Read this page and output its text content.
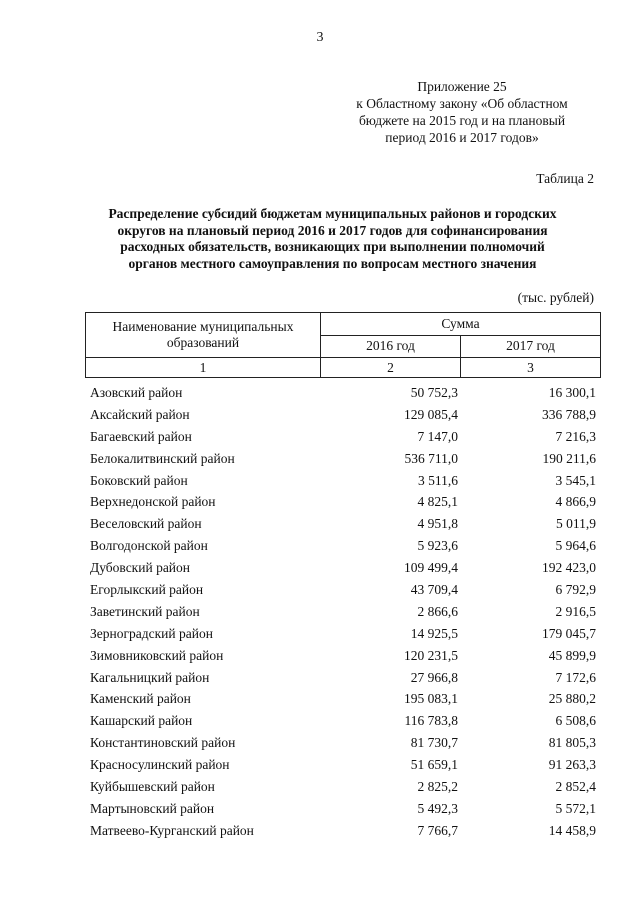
3
Приложение 25
к Областному закону «Об областном
бюджете на 2015 год и на плановый
период 2016 и 2017 годов»
Таблица 2
Распределение субсидий бюджетам муниципальных районов и городских
округов на плановый период 2016 и 2017 годов для софинансирования
расходных обязательств, возникающих при выполнении полномочий
органов местного самоуправления по вопросам местного значения
(тыс. рублей)
Наименование муниципальных образований	Сумма	
	2016 год	2017 год
1	2	3
Азовский район	50 752,3	16 300,1
Аксайский район	129 085,4	336 788,9
Багаевский район	7 147,0	7 216,3
Белокалитвинский район	536 711,0	190 211,6
Боковский район	3 511,6	3 545,1
Верхнедонской район	4 825,1	4 866,9
Веселовский район	4 951,8	5 011,9
Волгодонской район	5 923,6	5 964,6
Дубовский район	109 499,4	192 423,0
Егорлыкский район	43 709,4	6 792,9
Заветинский район	2 866,6	2 916,5
Зерноградский район	14 925,5	179 045,7
Зимовниковский район	120 231,5	45 899,9
Кагальницкий район	27 966,8	7 172,6
Каменский район	195 083,1	25 880,2
Кашарский район	116 783,8	6 508,6
Константиновский район	81 730,7	81 805,3
Красносулинский район	51 659,1	91 263,3
Куйбышевский район	2 825,2	2 852,4
Мартыновский район	5 492,3	5 572,1
Матвеево-Курганский район	7 766,7	14 458,9
